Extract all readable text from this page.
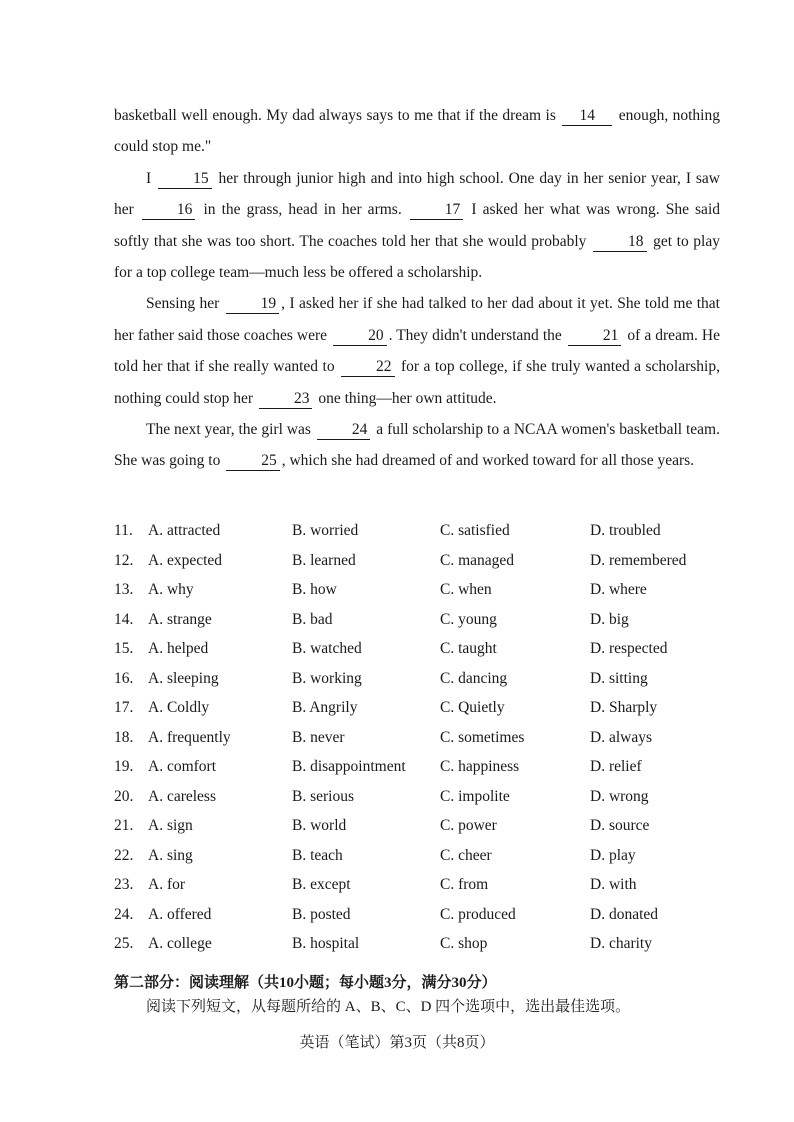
basketball well enough. My dad always says to me that if the dream is 14 enough, nothing could stop me."

I 15 her through junior high and into high school. One day in her senior year, I saw her 16 in the grass, head in her arms. 17 I asked her what was wrong. She said softly that she was too short. The coaches told her that she would probably 18 get to play for a top college team—much less be offered a scholarship.

Sensing her 19 , I asked her if she had talked to her dad about it yet. She told me that her father said those coaches were 20 . They didn't understand the 21 of a dream. He told her that if she really wanted to 22 for a top college, if she truly wanted a scholarship, nothing could stop her 23 one thing—her own attitude.

The next year, the girl was 24 a full scholarship to a NCAA women's basketball team. She was going to 25 , which she had dreamed of and worked toward for all those years.

11. A. attracted	B. worried	C. satisfied	D. troubled
12. A. expected	B. learned	C. managed	D. remembered
13. A. why	B. how	C. when	D. where
14. A. strange	B. bad	C. young	D. big
15. A. helped	B. watched	C. taught	D. respected
16. A. sleeping	B. working	C. dancing	D. sitting
17. A. Coldly	B. Angrily	C. Quietly	D. Sharply
18. A. frequently	B. never	C. sometimes	D. always
19. A. comfort	B. disappointment C. happiness	D. relief
20. A. careless	B. serious	C. impolite	D. wrong
21. A. sign	B. world	C. power	D. source
22. A. sing	B. teach	C. cheer	D. play
23. A. for	B. except	C. from	D. with
24. A. offered	B. posted	C. produced	D. donated
25. A. college	B. hospital	C. shop	D. charity
第二部分：阅读理解（共10小题；每小题3分，满分30分）
阅读下列短文，从每题所给的 A、B、C、D 四个选项中，选出最佳选项。
英语（笔试）第3页（共8页）
